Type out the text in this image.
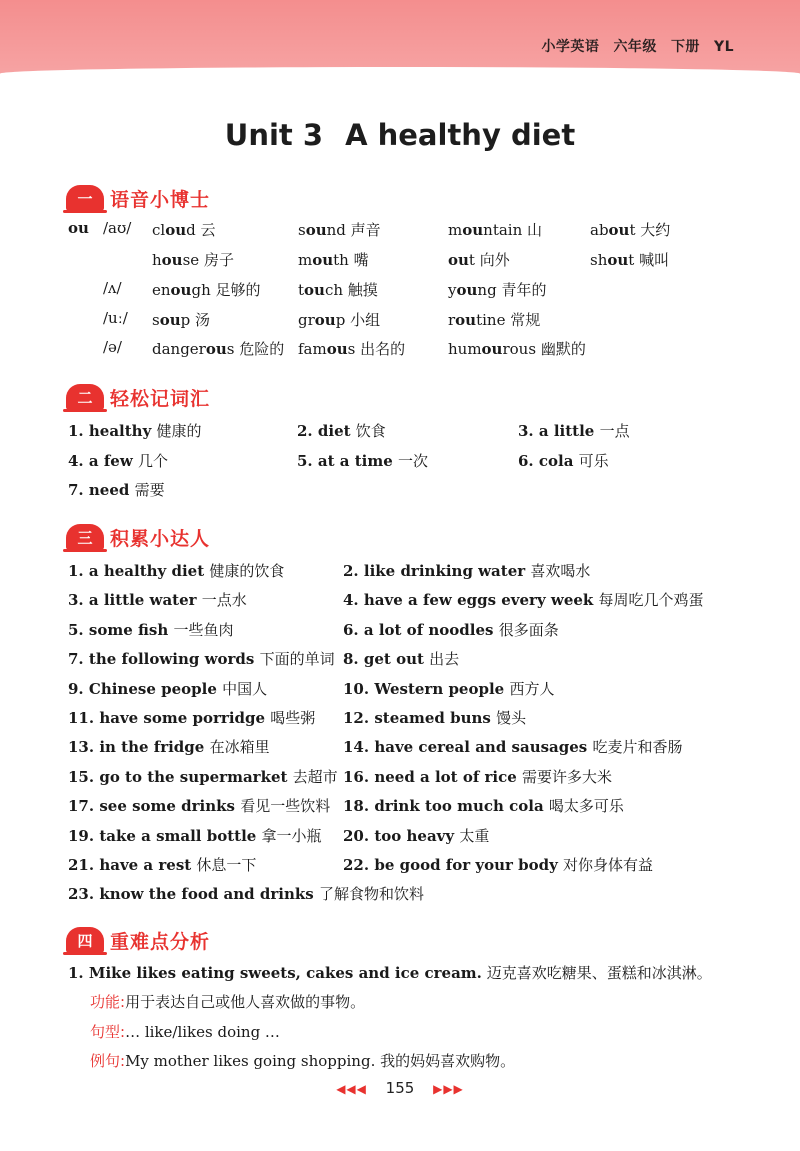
小学英语 六年级 下册 YL
Unit 3 A healthy diet
一 语音小博士
ou /aʊ/ cloud 云	sound 声音	mountain 山	about 大约
house 房子	mouth 嘴	out 向外	shout 喊叫
/ʌ/ enough 足够的 touch 触摸	young 青年的
/uː/ soup 汤	group 小组	routine 常规
/ə/ dangerous 危险的 famous 出名的	humourous 幽默的
二 轻松记词汇
1. healthy 健康的	2. diet 饮食	3. a little 一点
4. a few 几个	5. at a time 一次	6. cola 可乐
7. need 需要
三 积累小达人
1. a healthy diet 健康的饮食	2. like drinking water 喜欢喝水
3. a little water 一点水	4. have a few eggs every week 每周吃几个鸡蛋
5. some fish 一些鱼肉	6. a lot of noodles 很多面条
7. the following words 下面的单词 8. get out 出去
9. Chinese people 中国人	10. Western people 西方人
11. have some porridge 喝些粥 12. steamed buns 馒头
13. in the fridge 在冰箱里	14. have cereal and sausages 吃麦片和香肠
15. go to the supermarket 去超市 16. need a lot of rice 需要许多大米
17. see some drinks 看见一些饮料 18. drink too much cola 喝太多可乐
19. take a small bottle 拿一小瓶 20. too heavy 太重
21. have a rest 休息一下	22. be good for your body 对你身体有益
23. know the food and drinks 了解食物和饮料
四 重难点分析
1. Mike likes eating sweets, cakes and ice cream. 迈克喜欢吃糖果、蛋糕和冰淇淋。
功能:用于表达自己或他人喜欢做的事物。
句型:… like/likes doing …
例句:My mother likes going shopping. 我的妈妈喜欢购物。
◀◀◀ 155 ▶▶▶
